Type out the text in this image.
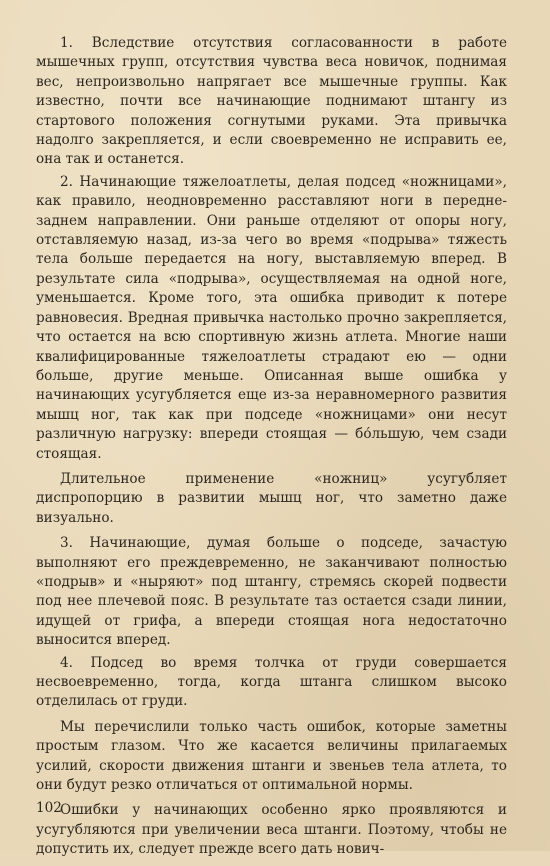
1. Вследствие отсутствия согласованности в работе мышечных групп, отсутствия чувства веса новичок, поднимая вес, непроизвольно напрягает все мышечные группы. Как известно, почти все начинающие поднимают штангу из стартового положения согнутыми руками. Эта привычка надолго закрепляется, и если своевременно не исправить ее, она так и останется.

2. Начинающие тяжелоатлеты, делая подсед «ножницами», как правило, неодновременно расставляют ноги в передне-заднем направлении. Они раньше отделяют от опоры ногу, отставляемую назад, из-за чего во время «подрыва» тяжесть тела больше передается на ногу, выставляемую вперед. В результате сила «подрыва», осуществляемая на одной ноге, уменьшается. Кроме того, эта ошибка приводит к потере равновесия. Вредная привычка настолько прочно закрепляется, что остается на всю спортивную жизнь атлета. Многие наши квалифицированные тяжелоатлеты страдают ею — одни больше, другие меньше. Описанная выше ошибка у начинающих усугубляется еще из-за неравномерного развития мышц ног, так как при подседе «ножницами» они несут различную нагрузку: впереди стоящая — бо́льшую, чем сзади стоящая.

Длительное применение «ножниц» усугубляет диспропорцию в развитии мышц ног, что заметно даже визуально.

3. Начинающие, думая больше о подседе, зачастую выполняют его преждевременно, не заканчивают полностью «подрыв» и «ныряют» под штангу, стремясь скорей подвести под нее плечевой пояс. В результате таз остается сзади линии, идущей от грифа, а впереди стоящая нога недостаточно выносится вперед.

4. Подсед во время толчка от груди совершается несвоевременно, тогда, когда штанга слишком высоко отделилась от груди.

Мы перечислили только часть ошибок, которые заметны простым глазом. Что же касается величины прилагаемых усилий, скорости движения штанги и звеньев тела атлета, то они будут резко отличаться от оптимальной нормы.

Ошибки у начинающих особенно ярко проявляются и усугубляются при увеличении веса штанги. Поэтому, чтобы не допустить их, следует прежде всего дать нович-

102
